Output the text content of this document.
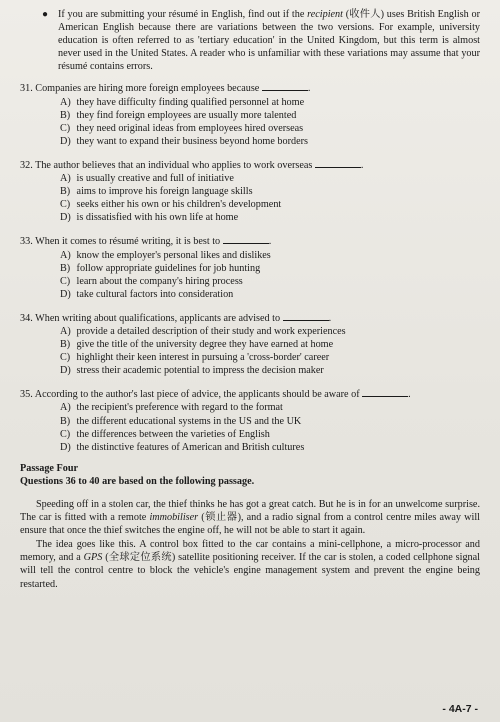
● If you are submitting your résumé in English, find out if the recipient (收件人) uses British English or American English because there are variations between the two versions. For example, university education is often referred to as 'tertiary education' in the United Kingdom, but this term is almost never used in the United States. A reader who is unfamiliar with these variations may assume that your résumé contains errors.
31. Companies are hiring more foreign employees because	.
A) they have difficulty finding qualified personnel at home
B) they find foreign employees are usually more talented
C) they need original ideas from employees hired overseas
D) they want to expand their business beyond home borders
32. The author believes that an individual who applies to work overseas	.
A) is usually creative and full of initiative
B) aims to improve his foreign language skills
C) seeks either his own or his children's development
D) is dissatisfied with his own life at home
33. When it comes to résumé writing, it is best to	.
A) know the employer's personal likes and dislikes
B) follow appropriate guidelines for job hunting
C) learn about the company's hiring process
D) take cultural factors into consideration
34. When writing about qualifications, applicants are advised to	.
A) provide a detailed description of their study and work experiences
B) give the title of the university degree they have earned at home
C) highlight their keen interest in pursuing a 'cross-border' career
D) stress their academic potential to impress the decision maker
35. According to the author's last piece of advice, the applicants should be aware of	.
A) the recipient's preference with regard to the format
B) the different educational systems in the US and the UK
C) the differences between the varieties of English
D) the distinctive features of American and British cultures
Passage Four
Questions 36 to 40 are based on the following passage.

Speeding off in a stolen car, the thief thinks he has got a great catch. But he is in for an unwelcome surprise. The car is fitted with a remote immobiliser (锁止器), and a radio signal from a control centre miles away will ensure that once the thief switches the engine off, he will not be able to start it again.

The idea goes like this. A control box fitted to the car contains a mini-cellphone, a micro-processor and memory, and a GPS (全球定位系统) satellite positioning receiver. If the car is stolen, a coded cellphone signal will tell the control centre to block the vehicle's engine management system and prevent the engine being restarted.

- 4A-7 -
